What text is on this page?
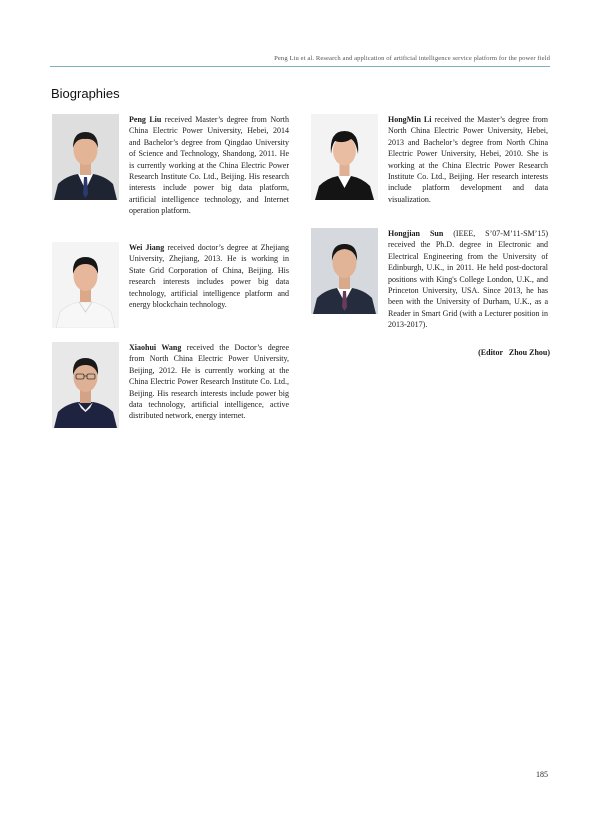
Peng Liu et al. Research and application of artificial intelligence service platform for the power field
Biographies
Peng Liu received Master’s degree from North China Electric Power University, Hebei, 2014 and Bachelor’s degree from Qingdao University of Science and Technology, Shandong, 2011. He is currently working at the China Electric Power Research Institute Co. Ltd., Beijing. His research interests include power big data platform, artificial intelligence technology, and Internet operation platform.
Wei Jiang received doctor’s degree at Zhejiang University, Zhejiang, 2013. He is working in State Grid Corporation of China, Beijing. His research interests includes power big data technology, artificial intelligence platform and energy blockchain technology.
Xiaohui Wang received the Doctor’s degree from North China Electric Power University, Beijing, 2012. He is currently working at the China Electric Power Research Institute Co. Ltd., Beijing. His research interests include power big data technology, artificial intelligence, active distributed network, energy internet.
HongMin Li received the Master’s degree from North China Electric Power University, Hebei, 2013 and Bachelor’s degree from North China Electric Power University, Hebei, 2010. She is working at the China Electric Power Research Institute Co. Ltd., Beijing. Her research interests include platform development and data visualization.
Hongjian Sun (IEEE, S’07-M’11-SM’15) received the Ph.D. degree in Electronic and Electrical Engineering from the University of Edinburgh, U.K., in 2011. He held post-doctoral positions with King's College London, U.K., and Princeton University, USA. Since 2013, he has been with the University of Durham, U.K., as a Reader in Smart Grid (with a Lecturer position in 2013-2017).
(Editor   Zhou Zhou)
185
